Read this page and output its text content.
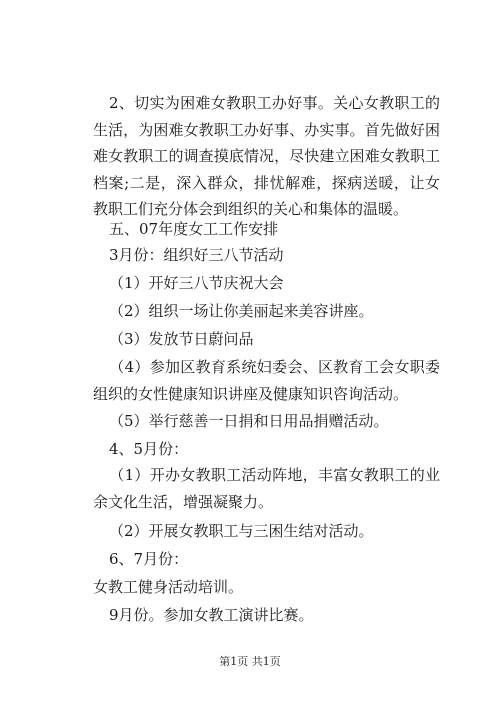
2、切实为困难女教职工办好事。关心女教职工的生活，为困难女教职工办好事、办实事。首先做好困难女教职工的调查摸底情况，尽快建立困难女教职工档案;二是，深入群众，排忧解难，探病送暖，让女教职工们充分体会到组织的关心和集体的温暖。

五、07年度女工工作安排

3月份：组织好三八节活动

（1）开好三八节庆祝大会

（2）组织一场让你美丽起来美容讲座。

（3）发放节日蔚问品

（4）参加区教育系统妇委会、区教育工会女职委组织的女性健康知识讲座及健康知识咨询活动。

（5）举行慈善一日捐和日用品捐赠活动。

4、5月份：

（1）开办女教职工活动阵地，丰富女教职工的业余文化生活，增强凝聚力。

（2）开展女教职工与三困生结对活动。

6、7月份：

女教工健身活动培训。

9月份。参加女教工演讲比赛。

第1页 共1页
